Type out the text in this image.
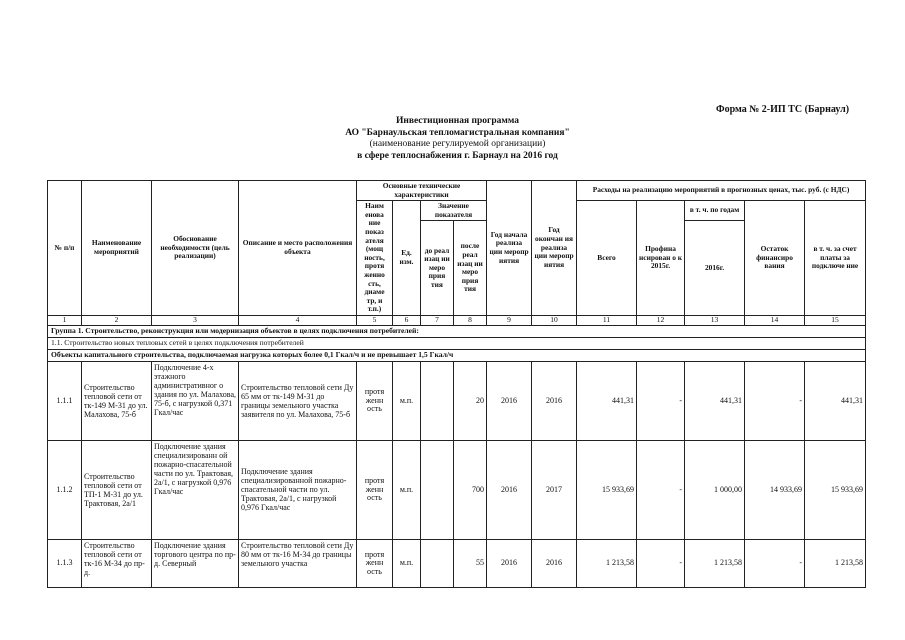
Форма № 2-ИП ТС (Барнаул)
Инвестиционная программа
АО "Барнаульская тепломагистральная компания"
(наименование регулируемой организации)
в сфере теплоснабжения г. Барнаул на 2016 год
№ п/п	Наименование мероприятий	Обоснование необходимости (цель реализации)	Описание и место расположения объекта	Основные технические характеристики				Год начала реализа ции меропр иятия	Год окончан ия реализа ции меропр иятия	Расходы на реализацию мероприятий в прогнозных ценах, тыс. руб. (с НДС)				
				Наим енова ние показ ателя (мощ ность, протя женно сть, диаме тр, и т.п.)	Ед. изм.	Значение показателя				Всего	Профина нсирован о к 2015г.	в т. ч. по годам	Остаток финансиро вания	в т. ч. за счет платы за подключе ние
						до реал изац ии меро прия тия	после реал изац ии меро прия тия					2016г.		

1	2	3	4	5	6	7	8	9	10	11	12	13	14	15
Группа 1. Строительство, реконструкция или модернизация объектов в целях подключения потребителей:														
1.1. Строительство новых тепловых сетей в целях подключения потребителей														
Объекты капитального строительства, подключаемая нагрузка которых более 0,1 Гкал/ч и не превышает 1,5 Гкал/ч														
1.1.1	Строительство тепловой сети от тк-149 М-31 до ул. Малахова, 75-б	Подключение 4-х этажного административног о здания по ул. Малахова, 75-б, с нагрузкой 0,371 Гкал/час	Строительство тепловой сети Ду 65 мм от тк-149 М-31 до границы земельного участка заявителя по ул. Малахова, 75-б	протя женн ость	м.п.		20	2016	2016	441,31	-	441,31	-	441,31
1.1.2	Строительство тепловой сети от ТП-1 М-31 до ул. Трактовая, 2а/1	Подключение здания специализированн ой пожарно-спасательной части по ул. Трактовая, 2а/1, с нагрузкой 0,976 Гкал/час	Подключение здания специализированной пожарно-спасательной части по ул. Трактовая, 2а/1, с нагрузкой 0,976 Гкал/час	протя женн ость	м.п.		700	2016	2017	15 933,69	-	1 000,00	14 933,69	15 933,69
1.1.3	Строительство тепловой сети от тк-16 М-34 до пр-д.	Подключение здания торгового центра по пр-д. Северный	Строительство тепловой сети Ду 80 мм от тк-16 М-34 до границы земельного участка	протя женн ость	м.п.		55	2016	2016	1 213,58	-	1 213,58	-	1 213,58
